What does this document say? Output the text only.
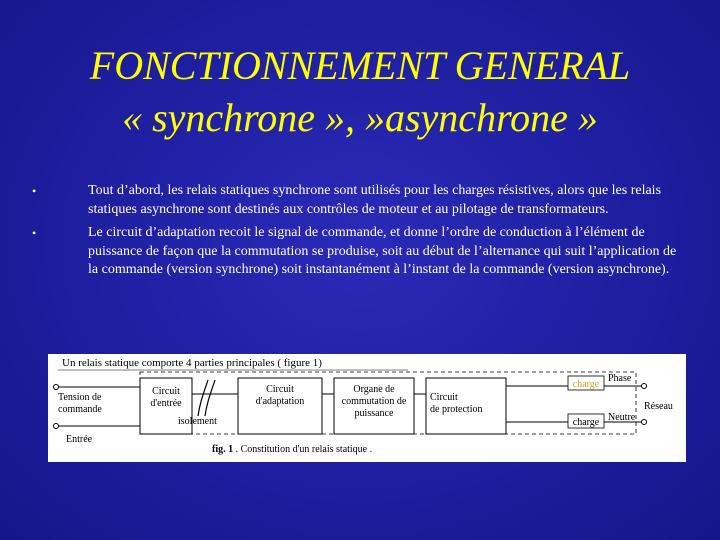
FONCTIONNEMENT GENERAL
« synchrone », »asynchrone »
•	Tout d’abord, les relais statiques synchrone sont utilisés pour les charges résistives, alors que les relais statiques asynchrone sont destinés aux contrôles de moteur et au pilotage de transformateurs.
•	Le circuit d’adaptation recoit le signal de commande, et donne l’ordre de conduction à l’élément de puissance de façon que la commutation se produise, soit au début de l’alternance qui suit l’application de la commande (version synchrone) soit instantanément à l’instant de la commande (version asynchrone).
Un relais statique comporte 4 parties principales ( figure 1)
Tension de
commande
Entrée
Circuit
d'entrée
isolement
Circuit
d'adaptation
Organe de
commutation de
puissance
Circuit
de protection
charge
charge
Phase
Neutre
Réseau
fig. 1 . Constitution d'un relais statique .
